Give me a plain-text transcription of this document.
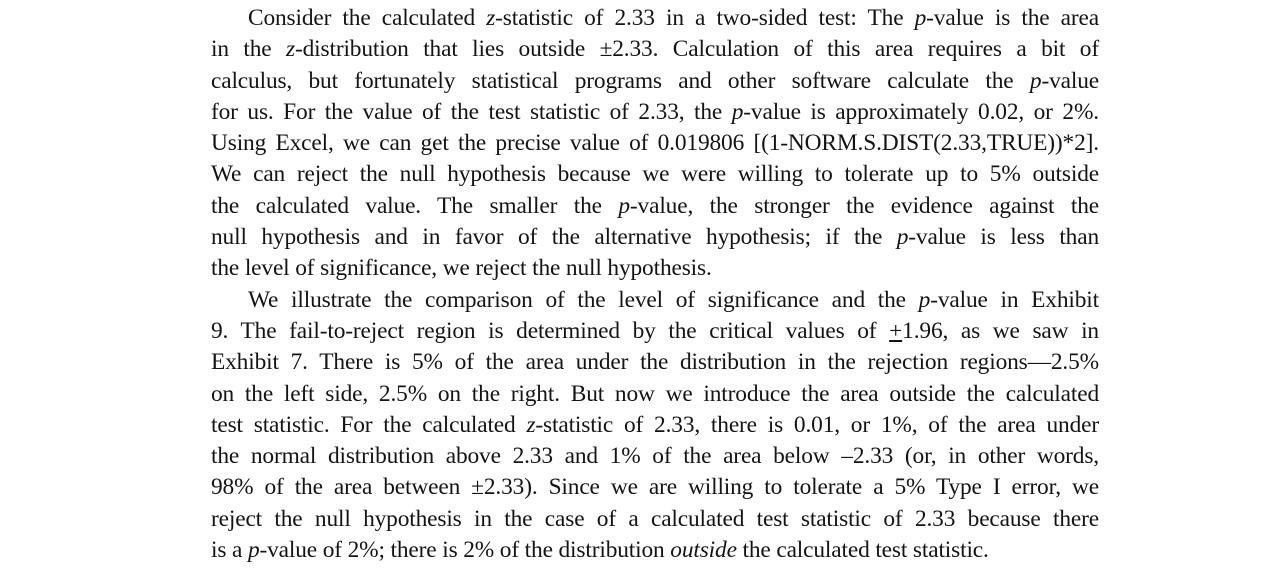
Consider the calculated z-statistic of 2.33 in a two-sided test: The p-value is the area
in the z-distribution that lies outside ±2.33. Calculation of this area requires a bit of
calculus, but fortunately statistical programs and other software calculate the p-value
for us. For the value of the test statistic of 2.33, the p-value is approximately 0.02, or 2%.
Using Excel, we can get the precise value of 0.019806 [(1-NORM.S.DIST(2.33,TRUE))*2].
We can reject the null hypothesis because we were willing to tolerate up to 5% outside
the calculated value. The smaller the p-value, the stronger the evidence against the
null hypothesis and in favor of the alternative hypothesis; if the p-value is less than
the level of significance, we reject the null hypothesis.
We illustrate the comparison of the level of significance and the p-value in Exhibit
9. The fail-to-reject region is determined by the critical values of +1.96, as we saw in
Exhibit 7. There is 5% of the area under the distribution in the rejection regions—2.5%
on the left side, 2.5% on the right. But now we introduce the area outside the calculated
test statistic. For the calculated z-statistic of 2.33, there is 0.01, or 1%, of the area under
the normal distribution above 2.33 and 1% of the area below –2.33 (or, in other words,
98% of the area between ±2.33). Since we are willing to tolerate a 5% Type I error, we
reject the null hypothesis in the case of a calculated test statistic of 2.33 because there
is a p-value of 2%; there is 2% of the distribution outside the calculated test statistic.
